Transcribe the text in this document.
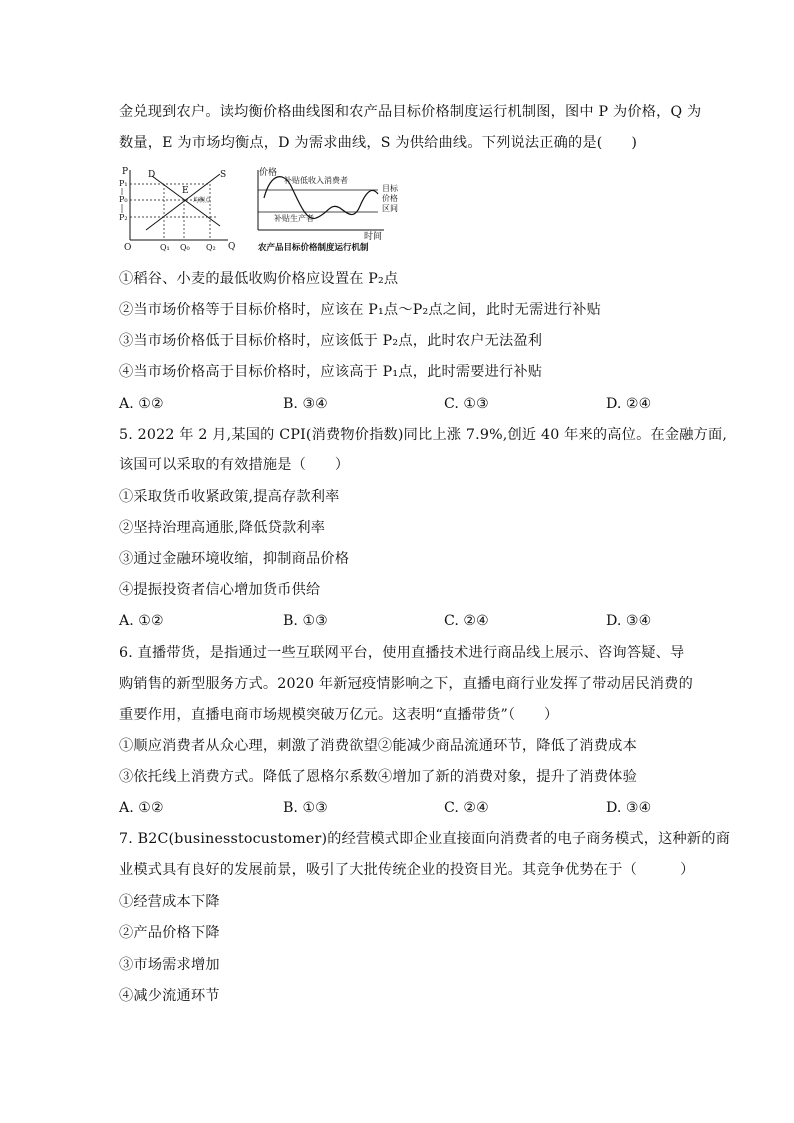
金兑现到农户。读均衡价格曲线图和农产品目标价格制度运行机制图，图中 P 为价格，Q 为
数量，E 为市场均衡点，D 为需求曲线，S 为供给曲线。下列说法正确的是(　　)
P
Q
O
P₁
P₀
P₂
D	S
E
均衡点
Q₁ Q₀ Q₂
价格
时间
补贴低收入消费者
补贴生产者
目标
价格
区间
农产品目标价格制度运行机制
①稻谷、小麦的最低收购价格应设置在 P₂点
②当市场价格等于目标价格时，应该在 P₁点～P₂点之间，此时无需进行补贴
③当市场价格低于目标价格时，应该低于 P₂点，此时农户无法盈利
④当市场价格高于目标价格时，应该高于 P₁点，此时需要进行补贴
A. ①②	B. ③④	C. ①③	D. ②④
5. 2022 年 2 月,某国的 CPI(消费物价指数)同比上涨 7.9%,创近 40 年来的高位。在金融方面,
该国可以采取的有效措施是（　　）
①采取货币收紧政策,提高存款利率
②坚持治理高通胀,降低贷款利率
③通过金融环境收缩，抑制商品价格
④提振投资者信心增加货币供给
A. ①②	B. ①③	C. ②④	D. ③④
6. 直播带货，是指通过一些互联网平台，使用直播技术进行商品线上展示、咨询答疑、导
购销售的新型服务方式。2020 年新冠疫情影响之下，直播电商行业发挥了带动居民消费的
重要作用，直播电商市场规模突破万亿元。这表明“直播带货”（　　）
①顺应消费者从众心理，刺激了消费欲望②能减少商品流通环节，降低了消费成本
③依托线上消费方式。降低了恩格尔系数④增加了新的消费对象，提升了消费体验
A. ①②	B. ①③	C. ②④	D. ③④
7. B2C(businesstocustomer)的经营模式即企业直接面向消费者的电子商务模式，这种新的商
业模式具有良好的发展前景，吸引了大批传统企业的投资目光。其竞争优势在于（　　　）
①经营成本下降
②产品价格下降
③市场需求增加
④减少流通环节
